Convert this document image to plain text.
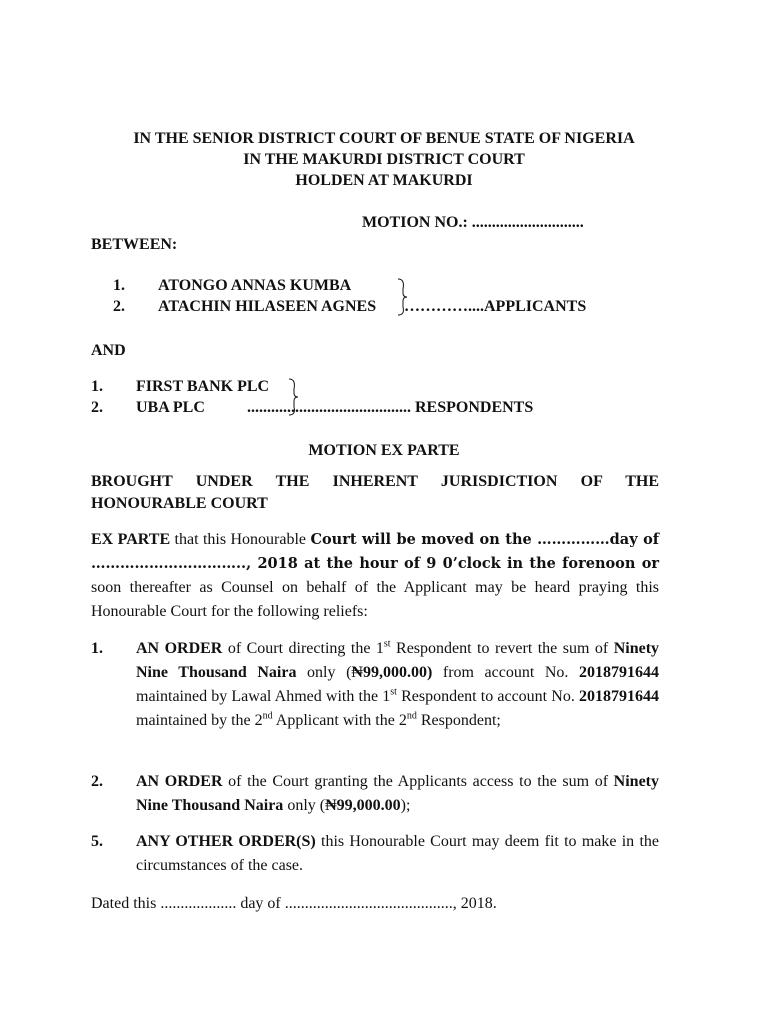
IN THE SENIOR DISTRICT COURT OF BENUE STATE OF NIGERIA
IN THE MAKURDI DISTRICT COURT
HOLDEN AT MAKURDI
MOTION NO.: ............................
BETWEEN:
1. ATONGO ANNAS KUMBA
2. ATACHIN HILASEEN AGNES …………....APPLICANTS
AND
1. FIRST BANK PLC
2. UBA PLC	......................................... RESPONDENTS
MOTION EX PARTE
BROUGHT UNDER THE INHERENT JURISDICTION OF THE
HONOURABLE COURT
EX PARTE that this Honourable Court will be moved on the ……………day of ………………………….., 2018 at the hour of 9 0’clock in the forenoon or soon thereafter as Counsel on behalf of the Applicant may be heard praying this Honourable Court for the following reliefs:
1. AN ORDER of Court directing the 1st Respondent to revert the sum of Ninety Nine Thousand Naira only (₦99,000.00) from account No. 2018791644 maintained by Lawal Ahmed with the 1st Respondent to account No. 2018791644 maintained by the 2nd Applicant with the 2nd Respondent;
2. AN ORDER of the Court granting the Applicants access to the sum of Ninety Nine Thousand Naira only (₦99,000.00);
5. ANY OTHER ORDER(S) this Honourable Court may deem fit to make in the circumstances of the case.
Dated this ................... day of .........................................., 2018.
